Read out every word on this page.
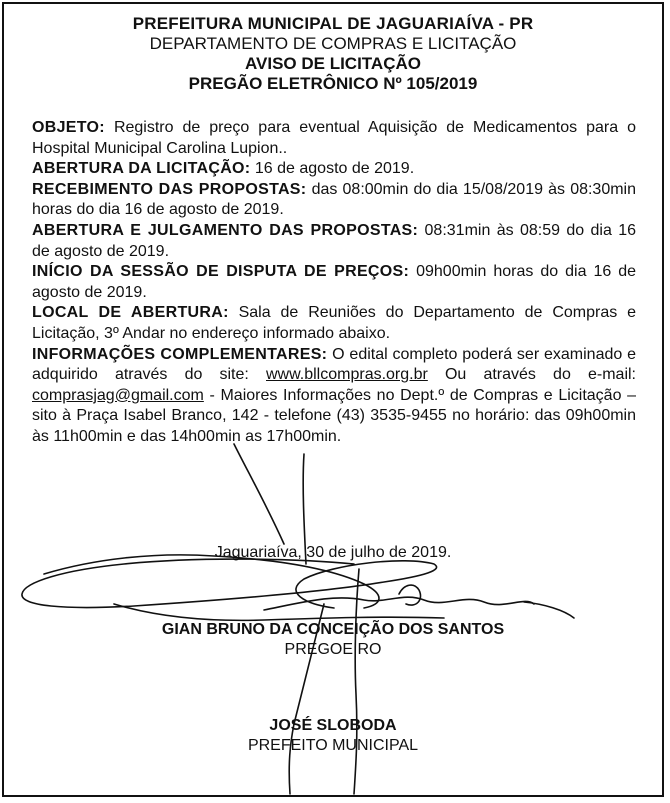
PREFEITURA MUNICIPAL DE JAGUARIAÍVA - PR
DEPARTAMENTO DE COMPRAS E LICITAÇÃO
AVISO DE LICITAÇÃO
PREGÃO ELETRÔNICO Nº 105/2019

OBJETO: Registro de preço para eventual Aquisição de Medicamentos para o Hospital Municipal Carolina Lupion..

ABERTURA DA LICITAÇÃO: 16 de agosto de 2019.

RECEBIMENTO DAS PROPOSTAS: das 08:00min do dia 15/08/2019 às 08:30min horas do dia 16 de agosto de 2019.

ABERTURA E JULGAMENTO DAS PROPOSTAS: 08:31min às 08:59 do dia 16 de agosto de 2019.

INÍCIO DA SESSÃO DE DISPUTA DE PREÇOS: 09h00min horas do dia 16 de agosto de 2019.

LOCAL DE ABERTURA: Sala de Reuniões do Departamento de Compras e Licitação, 3º Andar no endereço informado abaixo.

INFORMAÇÕES COMPLEMENTARES: O edital completo poderá ser examinado e adquirido através do site: www.bllcompras.org.br Ou através do e-mail: comprasjag@gmail.com - Maiores Informações no Dept.º de Compras e Licitação – sito à Praça Isabel Branco, 142 - telefone (43) 3535-9455 no horário: das 09h00min às 11h00min e das 14h00min as 17h00min.

Jaguariaíva, 30 de julho de 2019.
GIAN BRUNO DA CONCEIÇÃO DOS SANTOS
PREGOEIRO
JOSÉ SLOBODA
PREFEITO MUNICIPAL
